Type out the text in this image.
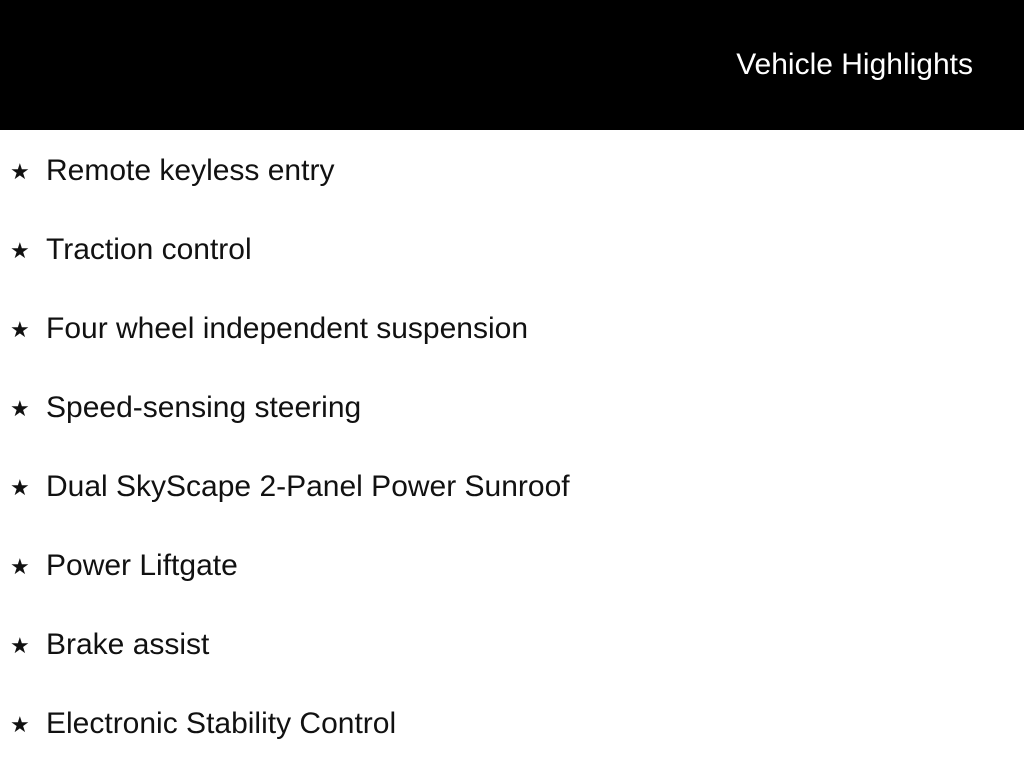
Vehicle Highlights
★ Remote keyless entry
★ Traction control
★ Four wheel independent suspension
★ Speed-sensing steering
★ Dual SkyScape 2-Panel Power Sunroof
★ Power Liftgate
★ Brake assist
★ Electronic Stability Control
